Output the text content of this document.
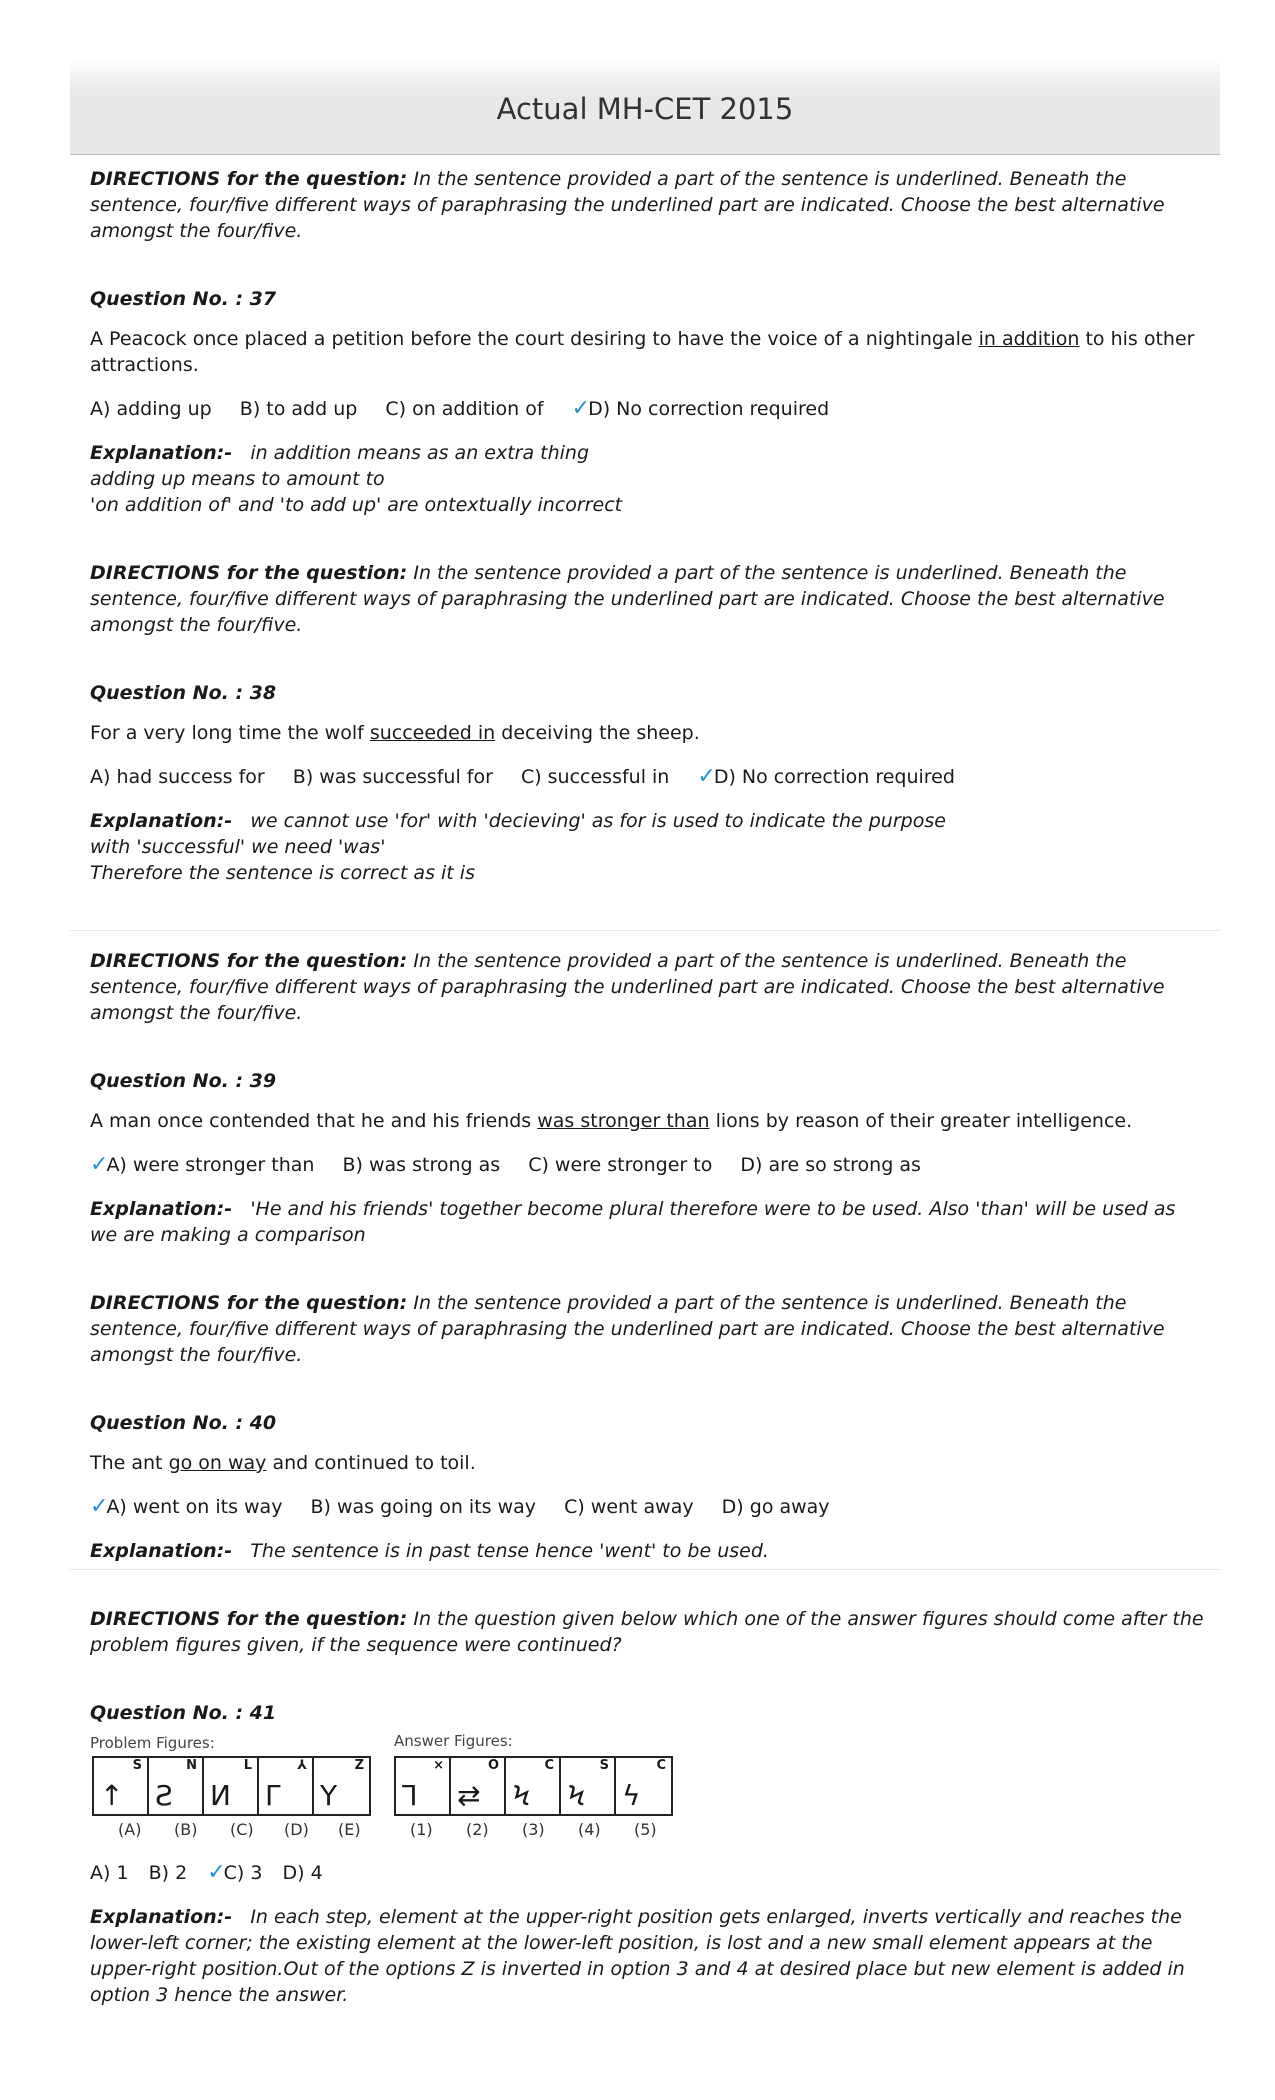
Actual MH-CET 2015

DIRECTIONS for the question: In the sentence provided a part of the sentence is underlined. Beneath the sentence, four/five different ways of paraphrasing the underlined part are indicated. Choose the best alternative amongst the four/five.

Question No. : 37

A Peacock once placed a petition before the court desiring to have the voice of a nightingale in addition to his other attractions.

A) adding up B) to add up C) on addition of ✓D) No correction required

Explanation:- in addition means as an extra thing
adding up means to amount to
'on addition of' and 'to add up' are ontextually incorrect

DIRECTIONS for the question: In the sentence provided a part of the sentence is underlined. Beneath the sentence, four/five different ways of paraphrasing the underlined part are indicated. Choose the best alternative amongst the four/five.

Question No. : 38

For a very long time the wolf succeeded in deceiving the sheep.

A) had success for B) was successful for C) successful in ✓D) No correction required

Explanation:- we cannot use 'for' with 'decieving' as for is used to indicate the purpose
with 'successful' we need 'was'
Therefore the sentence is correct as it is

DIRECTIONS for the question: In the sentence provided a part of the sentence is underlined. Beneath the sentence, four/five different ways of paraphrasing the underlined part are indicated. Choose the best alternative amongst the four/five.

Question No. : 39

A man once contended that he and his friends was stronger than lions by reason of their greater intelligence.

✓A) were stronger than B) was strong as C) were stronger to D) are so strong as

Explanation:- 'He and his friends' together become plural therefore were to be used. Also 'than' will be used as we are making a comparison

DIRECTIONS for the question: In the sentence provided a part of the sentence is underlined. Beneath the sentence, four/five different ways of paraphrasing the underlined part are indicated. Choose the best alternative amongst the four/five.

Question No. : 40

The ant go on way and continued to toil.

✓A) went on its way B) was going on its way C) went away D) go away

Explanation:- The sentence is in past tense hence 'went' to be used.

DIRECTIONS for the question: In the question given below which one of the answer figures should come after the problem figures given, if the sequence were continued?

Question No. : 41

Problem Figures:	Answer Figures:
S
↑
N
Ƨ
L
И
⅄
Γ
Z
Y
×
Ꞁ
O
⇄
C
Ϟ
S
Ϟ
C
ϟ
(A) (B) (C) (D) (E)	(1) (2) (3) (4) (5)

A) 1 B) 2 ✓C) 3 D) 4

Explanation:- In each step, element at the upper-right position gets enlarged, inverts vertically and reaches the lower-left corner; the existing element at the lower-left position, is lost and a new small element appears at the upper-right position.Out of the options Z is inverted in option 3 and 4 at desired place but new element is added in option 3 hence the answer.
